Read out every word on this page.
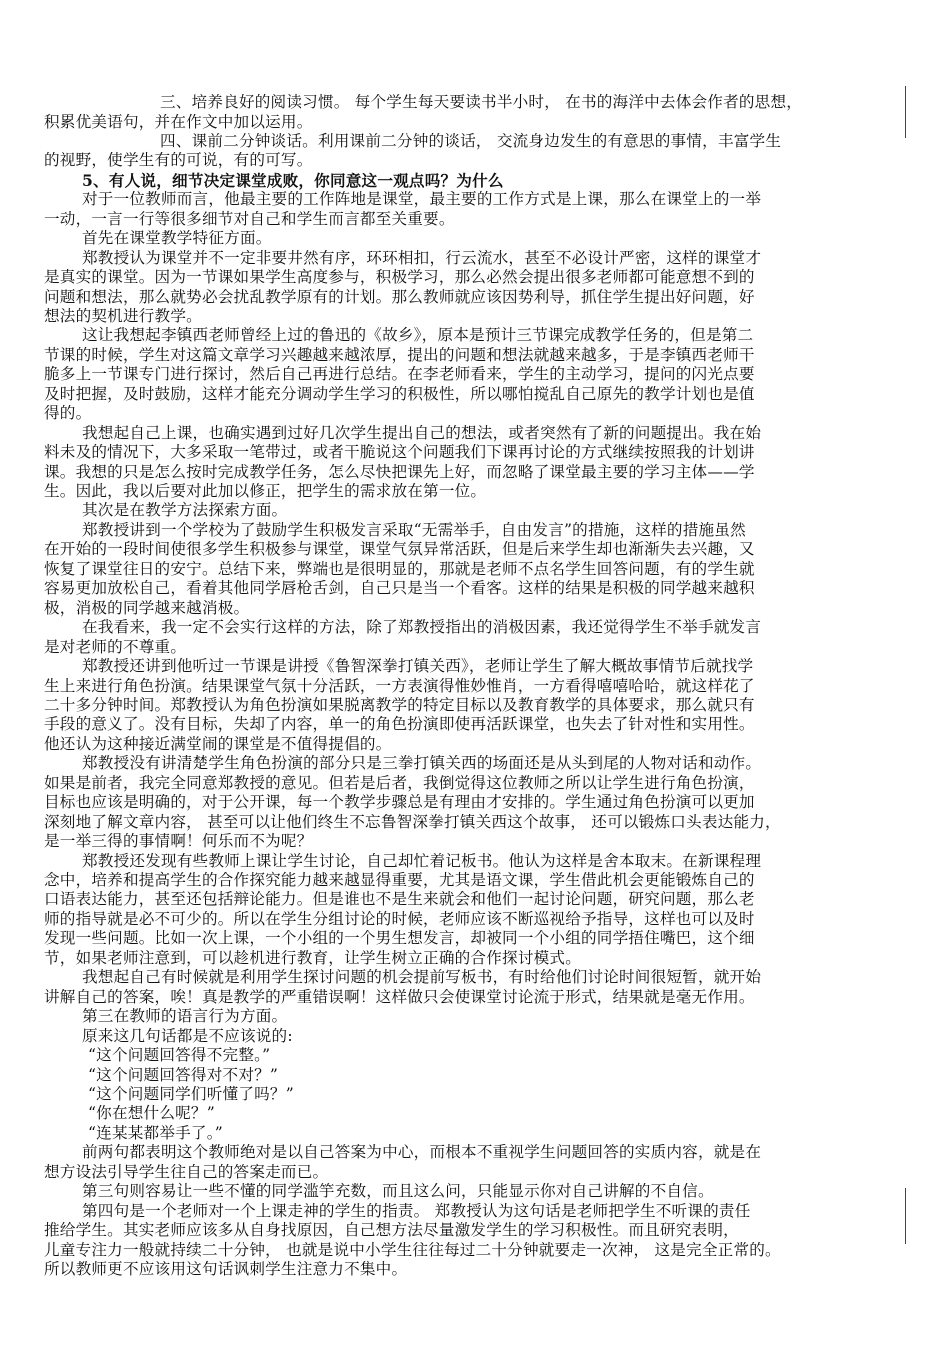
三、培养良好的阅读习惯。 每个学生每天要读书半小时， 在书的海洋中去体会作者的思想，
积累优美语句，并在作文中加以运用。
四、课前二分钟谈话。利用课前二分钟的谈话， 交流身边发生的有意思的事情，丰富学生
的视野，使学生有的可说，有的可写。
5、有人说，细节决定课堂成败，你同意这一观点吗？为什么
对于一位教师而言，他最主要的工作阵地是课堂，最主要的工作方式是上课，那么在课堂上的一举
一动，一言一行等很多细节对自己和学生而言都至关重要。
首先在课堂教学特征方面。
郑教授认为课堂并不一定非要井然有序，环环相扣，行云流水，甚至不必设计严密，这样的课堂才
是真实的课堂。因为一节课如果学生高度参与，积极学习，那么必然会提出很多老师都可能意想不到的
问题和想法，那么就势必会扰乱教学原有的计划。那么教师就应该因势利导，抓住学生提出好问题，好
想法的契机进行教学。
这让我想起李镇西老师曾经上过的鲁迅的《故乡》，原本是预计三节课完成教学任务的，但是第二
节课的时候，学生对这篇文章学习兴趣越来越浓厚，提出的问题和想法就越来越多，于是李镇西老师干
脆多上一节课专门进行探讨，然后自己再进行总结。在李老师看来，学生的主动学习，提问的闪光点要
及时把握，及时鼓励，这样才能充分调动学生学习的积极性，所以哪怕搅乱自己原先的教学计划也是值
得的。
我想起自己上课，也确实遇到过好几次学生提出自己的想法，或者突然有了新的问题提出。我在始
料未及的情况下，大多采取一笔带过，或者干脆说这个问题我们下课再讨论的方式继续按照我的计划讲
课。我想的只是怎么按时完成教学任务，怎么尽快把课先上好，而忽略了课堂最主要的学习主体——学
生。因此，我以后要对此加以修正，把学生的需求放在第一位。
其次是在教学方法探索方面。
郑教授讲到一个学校为了鼓励学生积极发言采取“无需举手，自由发言”的措施，这样的措施虽然
在开始的一段时间使很多学生积极参与课堂，课堂气氛异常活跃，但是后来学生却也渐渐失去兴趣，又
恢复了课堂往日的安宁。总结下来，弊端也是很明显的，那就是老师不点名学生回答问题，有的学生就
容易更加放松自己，看着其他同学唇枪舌剑，自己只是当一个看客。这样的结果是积极的同学越来越积
极，消极的同学越来越消极。
在我看来，我一定不会实行这样的方法，除了郑教授指出的消极因素，我还觉得学生不举手就发言
是对老师的不尊重。
郑教授还讲到他听过一节课是讲授《鲁智深拳打镇关西》，老师让学生了解大概故事情节后就找学
生上来进行角色扮演。结果课堂气氛十分活跃，一方表演得惟妙惟肖，一方看得嘻嘻哈哈，就这样花了
二十多分钟时间。郑教授认为角色扮演如果脱离教学的特定目标以及教育教学的具体要求，那么就只有
手段的意义了。没有目标，失却了内容，单一的角色扮演即使再活跃课堂，也失去了针对性和实用性。
他还认为这种接近满堂闹的课堂是不值得提倡的。
郑教授没有讲清楚学生角色扮演的部分只是三拳打镇关西的场面还是从头到尾的人物对话和动作。
如果是前者，我完全同意郑教授的意见。但若是后者，我倒觉得这位教师之所以让学生进行角色扮演，
目标也应该是明确的，对于公开课，每一个教学步骤总是有理由才安排的。学生通过角色扮演可以更加
深刻地了解文章内容， 甚至可以让他们终生不忘鲁智深拳打镇关西这个故事， 还可以锻炼口头表达能力，
是一举三得的事情啊！何乐而不为呢？
郑教授还发现有些教师上课让学生讨论，自己却忙着记板书。他认为这样是舍本取末。在新课程理
念中，培养和提高学生的合作探究能力越来越显得重要，尤其是语文课，学生借此机会更能锻炼自己的
口语表达能力，甚至还包括辩论能力。但是谁也不是生来就会和他们一起讨论问题，研究问题，那么老
师的指导就是必不可少的。所以在学生分组讨论的时候，老师应该不断巡视给予指导，这样也可以及时
发现一些问题。比如一次上课，一个小组的一个男生想发言，却被同一个小组的同学捂住嘴巴，这个细
节，如果老师注意到，可以趁机进行教育，让学生树立正确的合作探讨模式。
我想起自己有时候就是利用学生探讨问题的机会提前写板书，有时给他们讨论时间很短暂，就开始
讲解自己的答案，唉！真是教学的严重错误啊！这样做只会使课堂讨论流于形式，结果就是毫无作用。
第三在教师的语言行为方面。
原来这几句话都是不应该说的:
“这个问题回答得不完整。”
“这个问题回答得对不对？”
“这个问题同学们听懂了吗？”
“你在想什么呢？”
“连某某都举手了。”
前两句都表明这个教师绝对是以自己答案为中心，而根本不重视学生问题回答的实质内容，就是在
想方设法引导学生往自己的答案走而已。
第三句则容易让一些不懂的同学滥竽充数，而且这么问，只能显示你对自己讲解的不自信。
第四句是一个老师对一个上课走神的学生的指责。 郑教授认为这句话是老师把学生不听课的责任
推给学生。其实老师应该多从自身找原因，自己想方法尽量激发学生的学习积极性。而且研究表明，
儿童专注力一般就持续二十分钟， 也就是说中小学生往往每过二十分钟就要走一次神， 这是完全正常的。
所以教师更不应该用这句话讽刺学生注意力不集中。
